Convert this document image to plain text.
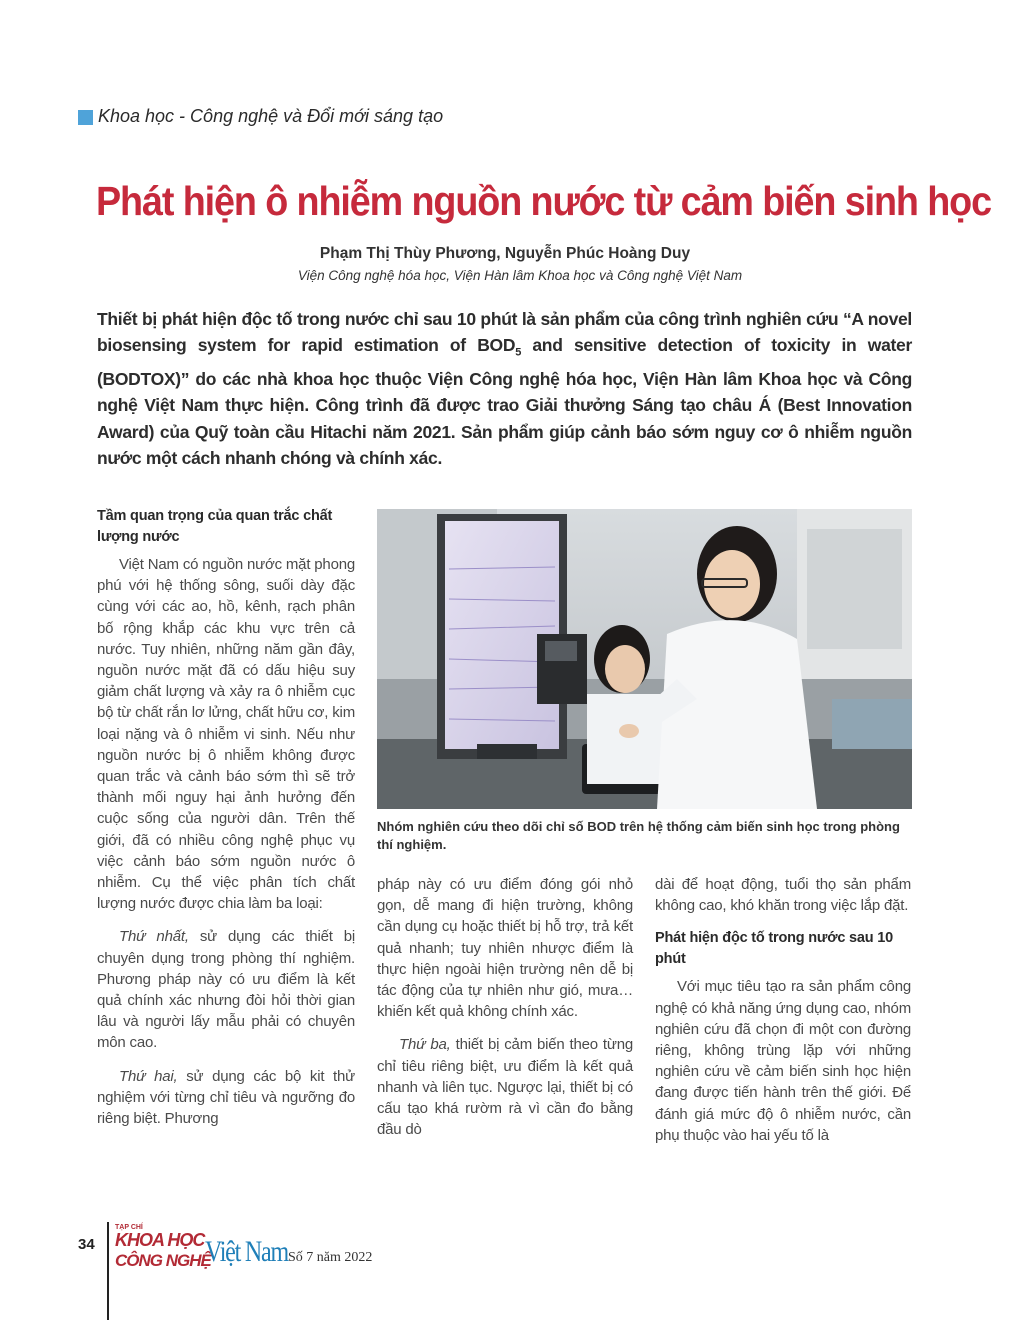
Khoa học - Công nghệ và Đổi mới sáng tạo
Phát hiện ô nhiễm nguồn nước từ cảm biến sinh học
Phạm Thị Thùy Phương, Nguyễn Phúc Hoàng Duy
Viện Công nghệ hóa học, Viện Hàn lâm Khoa học và Công nghệ Việt Nam
Thiết bị phát hiện độc tố trong nước chỉ sau 10 phút là sản phẩm của công trình nghiên cứu “A novel biosensing system for rapid estimation of $BOD_5$ and sensitive detection of toxicity in water (BODTOX)” do các nhà khoa học thuộc Viện Công nghệ hóa học, Viện Hàn lâm Khoa học và Công nghệ Việt Nam thực hiện. Công trình đã được trao Giải thưởng Sáng tạo châu Á (Best Innovation Award) của Quỹ toàn cầu Hitachi năm 2021. Sản phẩm giúp cảnh báo sớm nguy cơ ô nhiễm nguồn nước một cách nhanh chóng và chính xác.
Tầm quan trọng của quan trắc chất lượng nước

Việt Nam có nguồn nước mặt phong phú với hệ thống sông, suối dày đặc cùng với các ao, hồ, kênh, rạch phân bố rộng khắp các khu vực trên cả nước. Tuy nhiên, những năm gần đây, nguồn nước mặt đã có dấu hiệu suy giảm chất lượng và xảy ra ô nhiễm cục bộ từ chất rắn lơ lửng, chất hữu cơ, kim loại nặng và ô nhiễm vi sinh. Nếu như nguồn nước bị ô nhiễm không được quan trắc và cảnh báo sớm thì sẽ trở thành mối nguy hại ảnh hưởng đến cuộc sống của người dân. Trên thế giới, đã có nhiều công nghệ phục vụ việc cảnh báo sớm nguồn nước ô nhiễm. Cụ thể việc phân tích chất lượng nước được chia làm ba loại:

Thứ nhất, sử dụng các thiết bị chuyên dụng trong phòng thí nghiệm. Phương pháp này có ưu điểm là kết quả chính xác nhưng đòi hỏi thời gian lâu và người lấy mẫu phải có chuyên môn cao.

Thứ hai, sử dụng các bộ kit thử nghiệm với từng chỉ tiêu và ngưỡng đo riêng biệt. Phương

Nhóm nghiên cứu theo dõi chỉ số BOD trên hệ thống cảm biến sinh học trong phòng thí nghiệm.

pháp này có ưu điểm đóng gói nhỏ gọn, dễ mang đi hiện trường, không cần dụng cụ hoặc thiết bị hỗ trợ, trả kết quả nhanh; tuy nhiên nhược điểm là thực hiện ngoài hiện trường nên dễ bị tác động của tự nhiên như gió, mưa… khiến kết quả không chính xác.

Thứ ba, thiết bị cảm biến theo từng chỉ tiêu riêng biệt, ưu điểm là kết quả nhanh và liên tục. Ngược lại, thiết bị có cấu tạo khá rườm rà vì cần đo bằng đầu dò

dài để hoạt động, tuổi thọ sản phẩm không cao, khó khăn trong việc lắp đặt.

Phát hiện độc tố trong nước sau 10 phút

Với mục tiêu tạo ra sản phẩm công nghệ có khả năng ứng dụng cao, nhóm nghiên cứu đã chọn đi một con đường riêng, không trùng lặp với những nghiên cứu về cảm biến sinh học hiện đang được tiến hành trên thế giới. Để đánh giá mức độ ô nhiễm nước, cần phụ thuộc vào hai yếu tố là

34
TẠP CHÍ
KHOA HỌC
CÔNG NGHỆ
Việt Nam Số 7 năm 2022
